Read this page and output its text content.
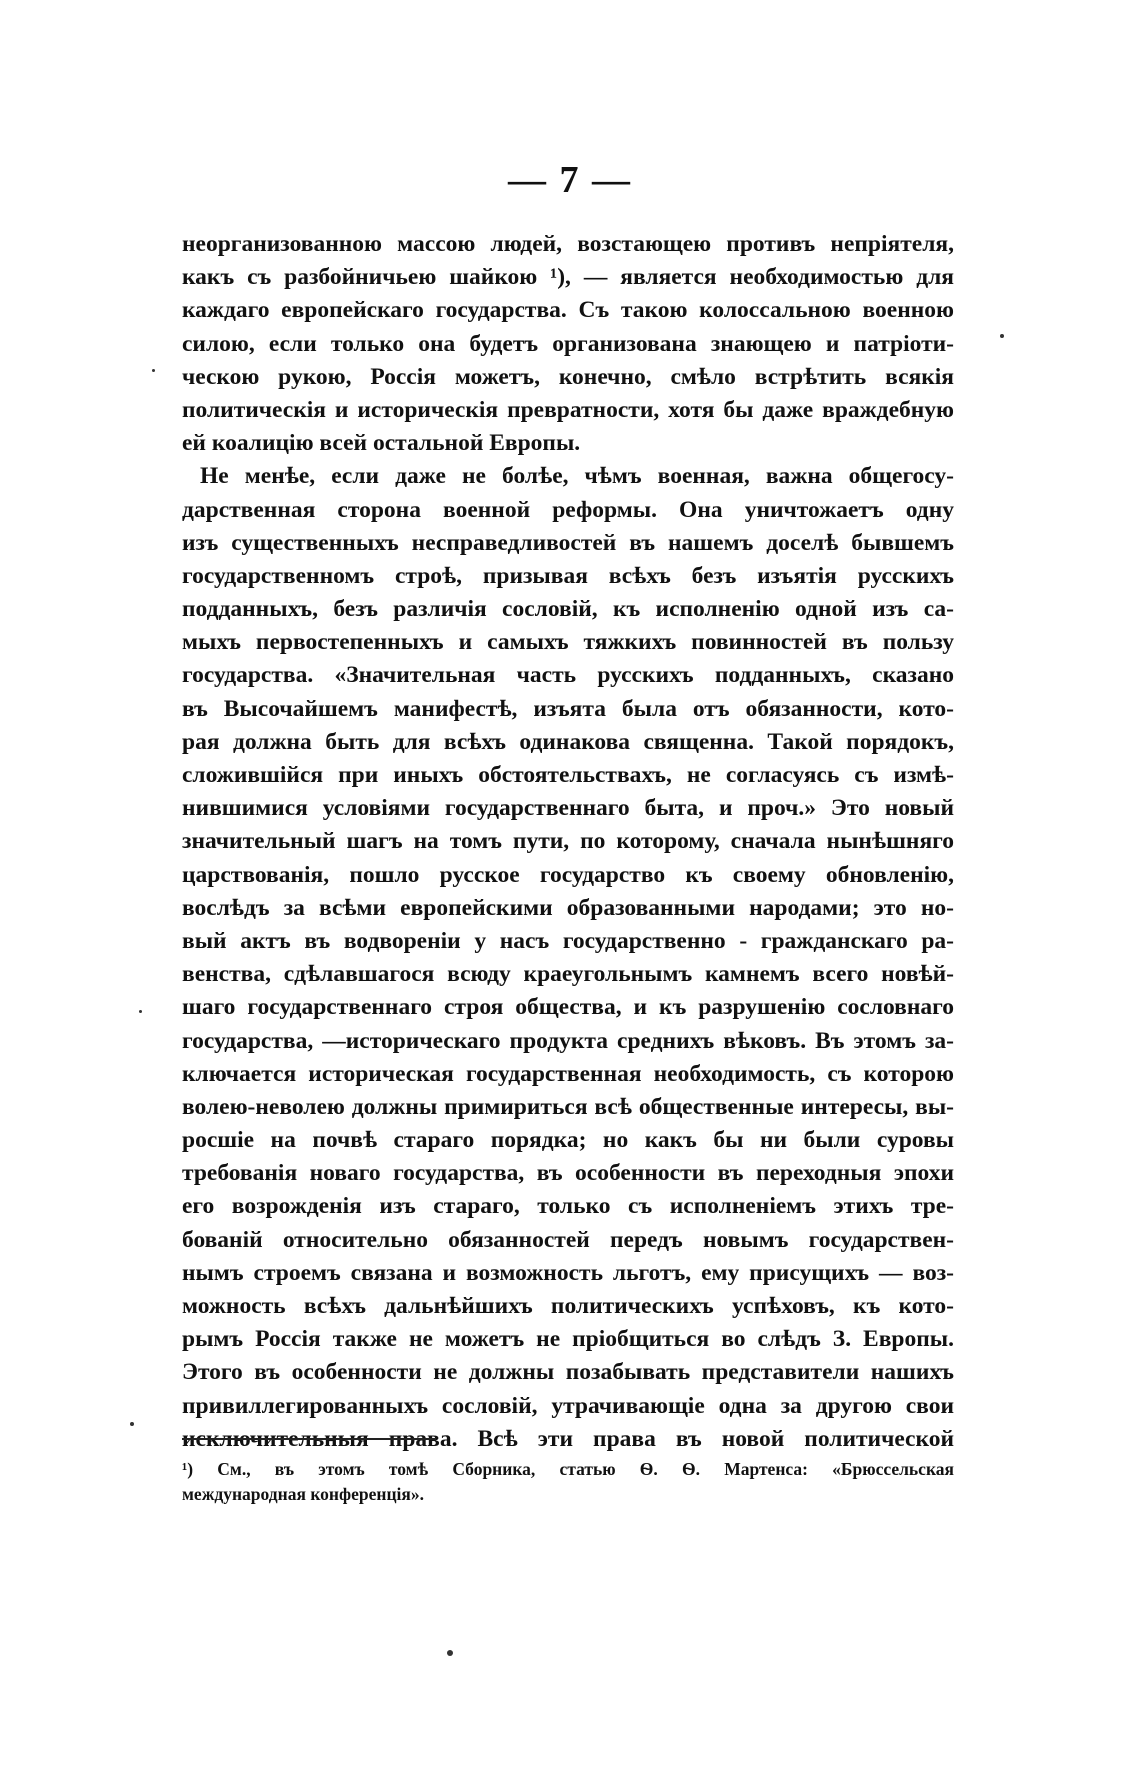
— 7 —
неорганизованною массою людей, возстающею противъ непріятеля,
какъ съ разбойничьею шайкою ¹), — является необходимостью для
каждаго европейскаго государства. Съ такою колоссальною военною
силою, если только она будетъ организована знающею и патріоти-
ческою рукою, Россія можетъ, конечно, смѣло встрѣтить всякія
политическія и историческія превратности, хотя бы даже враждебную
ей коалицію всей остальной Европы.
Не менѣе, если даже не болѣе, чѣмъ военная, важна общегосу-
дарственная сторона военной реформы. Она уничтожаетъ одну
изъ существенныхъ несправедливостей въ нашемъ доселѣ бывшемъ
государственномъ строѣ, призывая всѣхъ безъ изъятія русскихъ
подданныхъ, безъ различія сословій, къ исполненію одной изъ са-
мыхъ первостепенныхъ и самыхъ тяжкихъ повинностей въ пользу
государства. «Значительная часть русскихъ подданныхъ, сказано
въ Высочайшемъ манифестѣ, изъята была отъ обязанности, кото-
рая должна быть для всѣхъ одинакова священна. Такой порядокъ,
сложившійся при иныхъ обстоятельствахъ, не согласуясь съ измѣ-
нившимися условіями государственнаго быта, и проч.» Это новый
значительный шагъ на томъ пути, по которому, сначала нынѣшняго
царствованія, пошло русское государство къ своему обновленію,
вослѣдъ за всѣми европейскими образованными народами; это но-
вый актъ въ водвореніи у насъ государственно - гражданскаго ра-
венства, сдѣлавшагося всюду краеугольнымъ камнемъ всего новѣй-
шаго государственнаго строя общества, и къ разрушенію сословнаго
государства, —историческаго продукта среднихъ вѣковъ. Въ этомъ за-
ключается историческая государственная необходимость, съ которою
волею-неволею должны примириться всѣ общественные интересы, вы-
росшіе на почвѣ стараго порядка; но какъ бы ни были суровы
требованія новаго государства, въ особенности въ переходныя эпохи
его возрожденія изъ стараго, только съ исполненіемъ этихъ тре-
бованій относительно обязанностей передъ новымъ государствен-
нымъ строемъ связана и возможность льготъ, ему присущихъ — воз-
можность всѣхъ дальнѣйшихъ политическихъ успѣховъ, къ кото-
рымъ Россія также не можетъ не пріобщиться во слѣдъ З. Европы.
Этого въ особенности не должны позабывать представители нашихъ
привиллегированныхъ сословій, утрачивающіе одна за другою свои
исключительныя права. Всѣ эти права въ новой политической
¹) См., въ этомъ томѣ Сборника, статью Ѳ. Ѳ. Мартенса: «Брюссельская
международная конференція».
